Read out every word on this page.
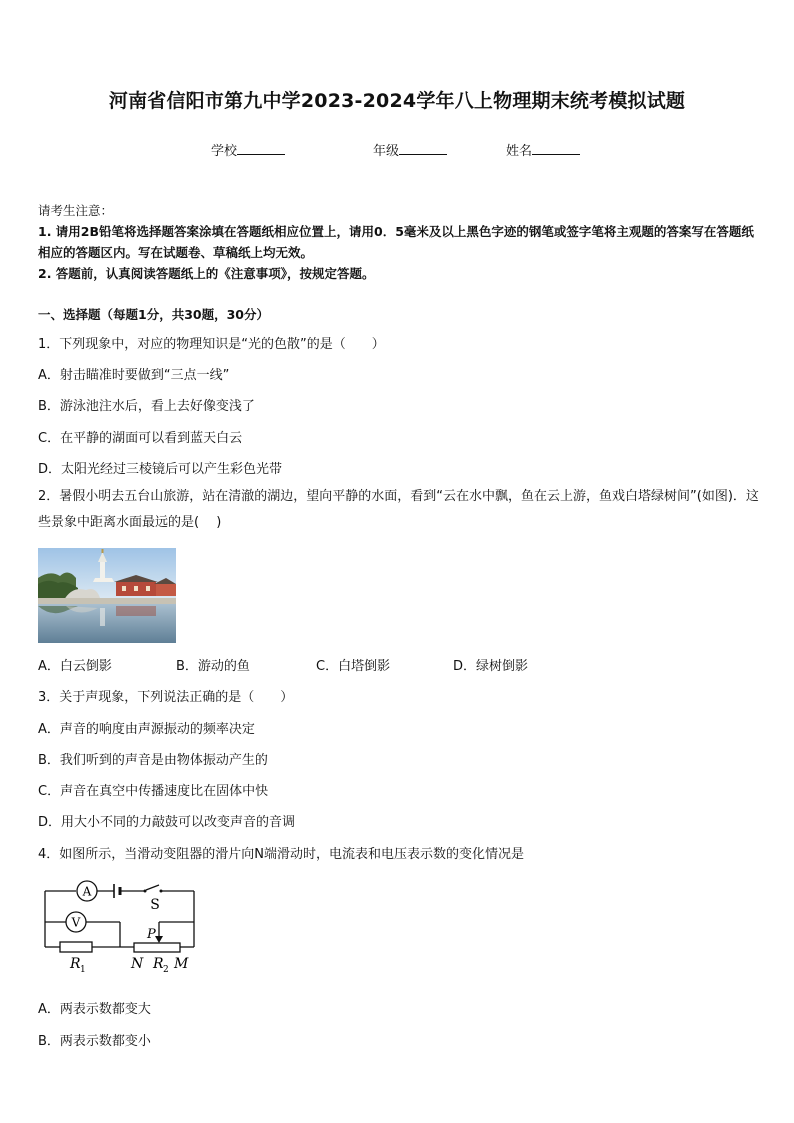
河南省信阳市第九中学2023-2024学年八上物理期末统考模拟试题
学校	年级	姓名
请考生注意：
1. 请用2B铅笔将选择题答案涂填在答题纸相应位置上，请用0．5毫米及以上黑色字迹的钢笔或签字笔将主观题的答案写在答题纸相应的答题区内。写在试题卷、草稿纸上均无效。
2. 答题前，认真阅读答题纸上的《注意事项》，按规定答题。
一、选择题（每题1分，共30题，30分）
1．下列现象中，对应的物理知识是“光的色散”的是（　　）
A．射击瞄准时要做到“三点一线”
B．游泳池注水后，看上去好像变浅了
C．在平静的湖面可以看到蓝天白云
D．太阳光经过三棱镜后可以产生彩色光带
2．暑假小明去五台山旅游，站在清澈的湖边，望向平静的水面，看到“云在水中飘，鱼在云上游，鱼戏白塔绿树间”(如图)．这些景象中距离水面最远的是(　 )
A．白云倒影	B．游动的鱼	C．白塔倒影	D．绿树倒影
3．关于声现象，下列说法正确的是（　　）
A．声音的响度由声源振动的频率决定
B．我们听到的声音是由物体振动产生的
C．声音在真空中传播速度比在固体中快
D．用大小不同的力敲鼓可以改变声音的音调
4．如图所示，当滑动变阻器的滑片向N端滑动时，电流表和电压表示数的变化情况是
A
S
V
P
R 1	N R 2 M
A．两表示数都变大
B．两表示数都变小
